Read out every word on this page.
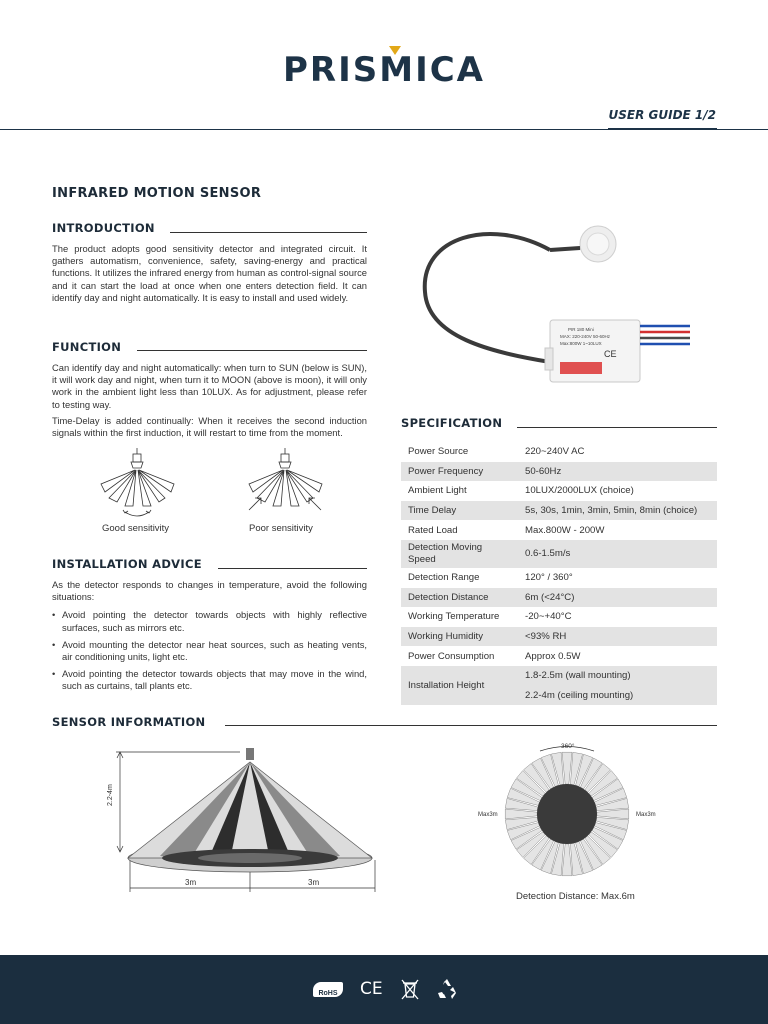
PRISMICA
USER GUIDE 1/2
INFRARED MOTION SENSOR
INTRODUCTION
The product adopts good sensitivity detector and integrated circuit. It gathers automatism, convenience, safety, saving-energy and practical functions. It utilizes the infrared energy from human as control-signal source and it can start the load at once when one enters detection field. It can identify day and night automatically. It is easy to install and used widely.
FUNCTION

Can identify day and night automatically: when turn to SUN (below is SUN), it will work day and night, when turn it to MOON (above is moon), it will only work in the ambient light less than 10LUX. As for adjustment, please refer to testing way.

Time-Delay is added continually: When it receives the second induction signals within the first induction, it will restart to time from the moment.

Good sensitivity	Poor sensitivity
INSTALLATION ADVICE

As the detector responds to changes in temperature, avoid the following situations:

• Avoid pointing the detector towards objects with highly reflective surfaces, such as mirrors etc.
• Avoid mounting the detector near heat sources, such as heating vents, air conditioning units, light etc.
• Avoid pointing the detector towards objects that may move in the wind, such as curtains, tall plants etc.
PIR 180 Mini
MAX: 220-240V 50-60Hz
Max:800W 1~10LUX
CE
SPECIFICATION
Power Source	220~240V AC
Power Frequency	50-60Hz
Ambient Light	10LUX/2000LUX (choice)
Time Delay	5s, 30s, 1min, 3min, 5min, 8min (choice)
Rated Load	Max.800W - 200W
Detection Moving Speed	0.6-1.5m/s
Detection Range	120° / 360°
Detection Distance	6m (<24°C)
Working Temperature	-20~+40°C
Working Humidity	<93% RH
Power Consumption	Approx 0.5W
Installation Height	1.8-2.5m (wall mounting)
	2.2-4m (ceiling mounting)
SENSOR INFORMATION
2.2-4m
3m	3m
360°
Max3m	Max3m
Detection Distance: Max.6m
RoHS	CE
